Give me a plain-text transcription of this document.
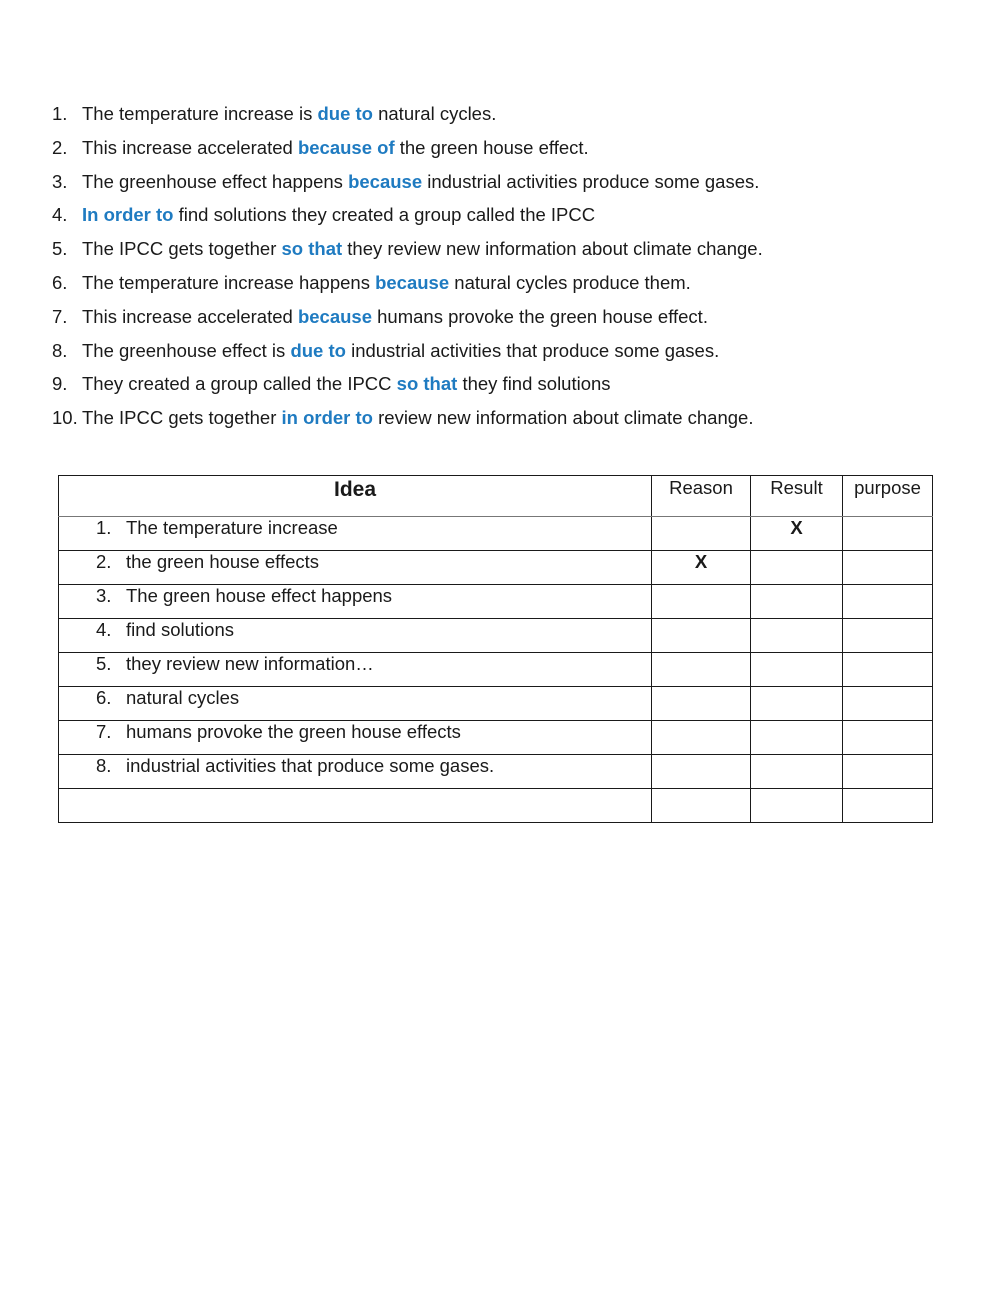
1. The temperature increase is due to natural cycles.
2. This increase accelerated because of the green house effect.
3. The greenhouse effect happens because industrial activities produce some gases.
4. In order to find solutions they created a group called the IPCC
5. The IPCC gets together so that they review new information about climate change.
6. The temperature increase happens because natural cycles produce them.
7. This increase accelerated because humans provoke the green house effect.
8. The greenhouse effect is due to industrial activities that produce some gases.
9. They created a group called the IPCC so that they find solutions
10. The IPCC gets together in order to review new information about climate change.
Idea	Reason	Result	purpose
1. The temperature increase		X	
2. the green house effects	X		
3. The green house effect happens			
4. find solutions			
5. they review new information…			
6. natural cycles			
7. humans provoke the green house effects			
8. industrial activities that produce some gases.			
